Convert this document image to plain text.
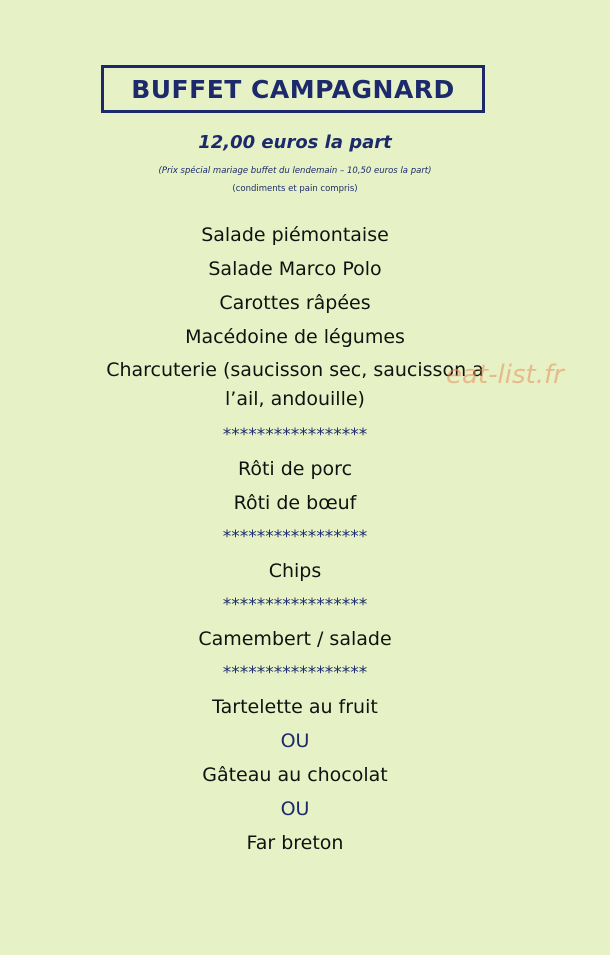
BUFFET CAMPAGNARD
12,00 euros la part
(Prix spécial mariage buffet du lendemain – 10,50 euros la part)
(condiments et pain compris)
Salade piémontaise
Salade Marco Polo
Carottes râpées
Macédoine de légumes
Charcuterie (saucisson sec, saucisson a l’ail, andouille)
*****************
Rôti de porc
Rôti de bœuf
*****************
Chips
*****************
Camembert / salade
*****************
Tartelette au fruit
OU
Gâteau au chocolat
OU
Far breton
eat-list.fr
